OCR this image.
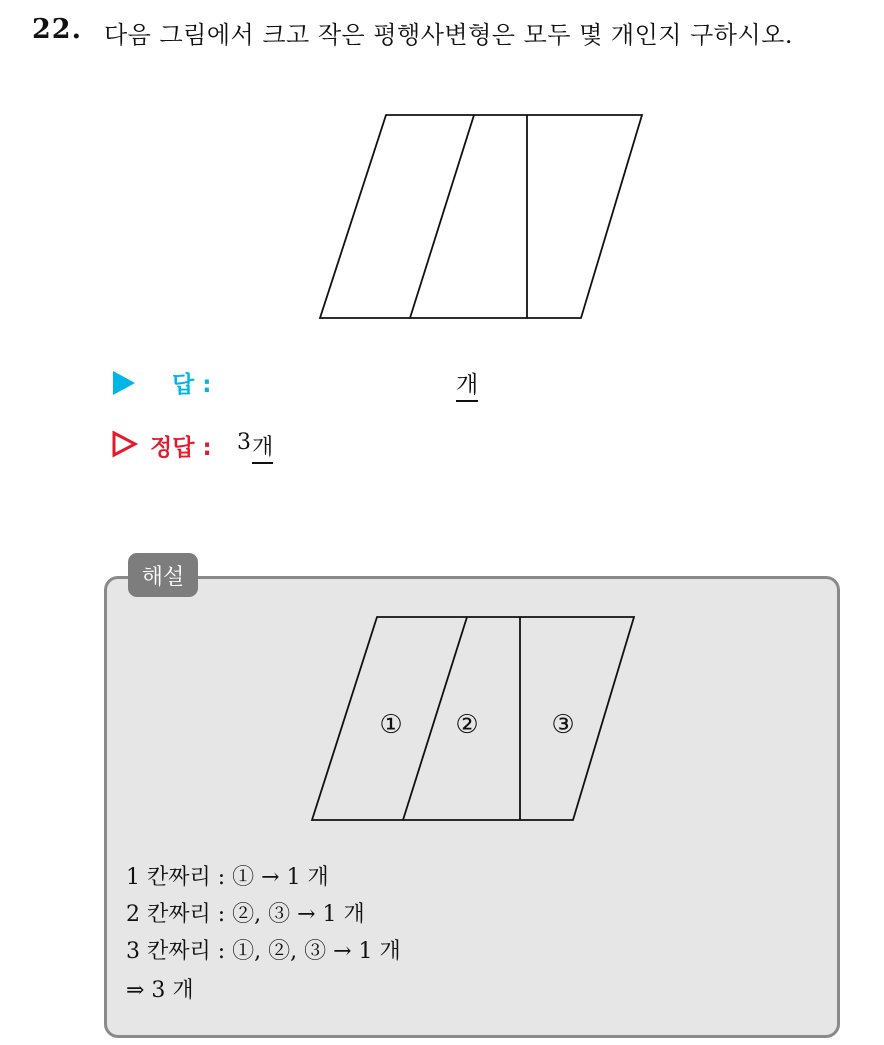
22. 다음 그림에서 크고 작은 평행사변형은 모두 몇 개인지 구하시오.
답 :	개
정답 : 3 개
해설
① ②	③
1 칸짜리 : ① → 1 개
2 칸짜리 : ②, ③ → 1 개
3 칸짜리 : ①, ②, ③ → 1 개
⇒ 3 개
